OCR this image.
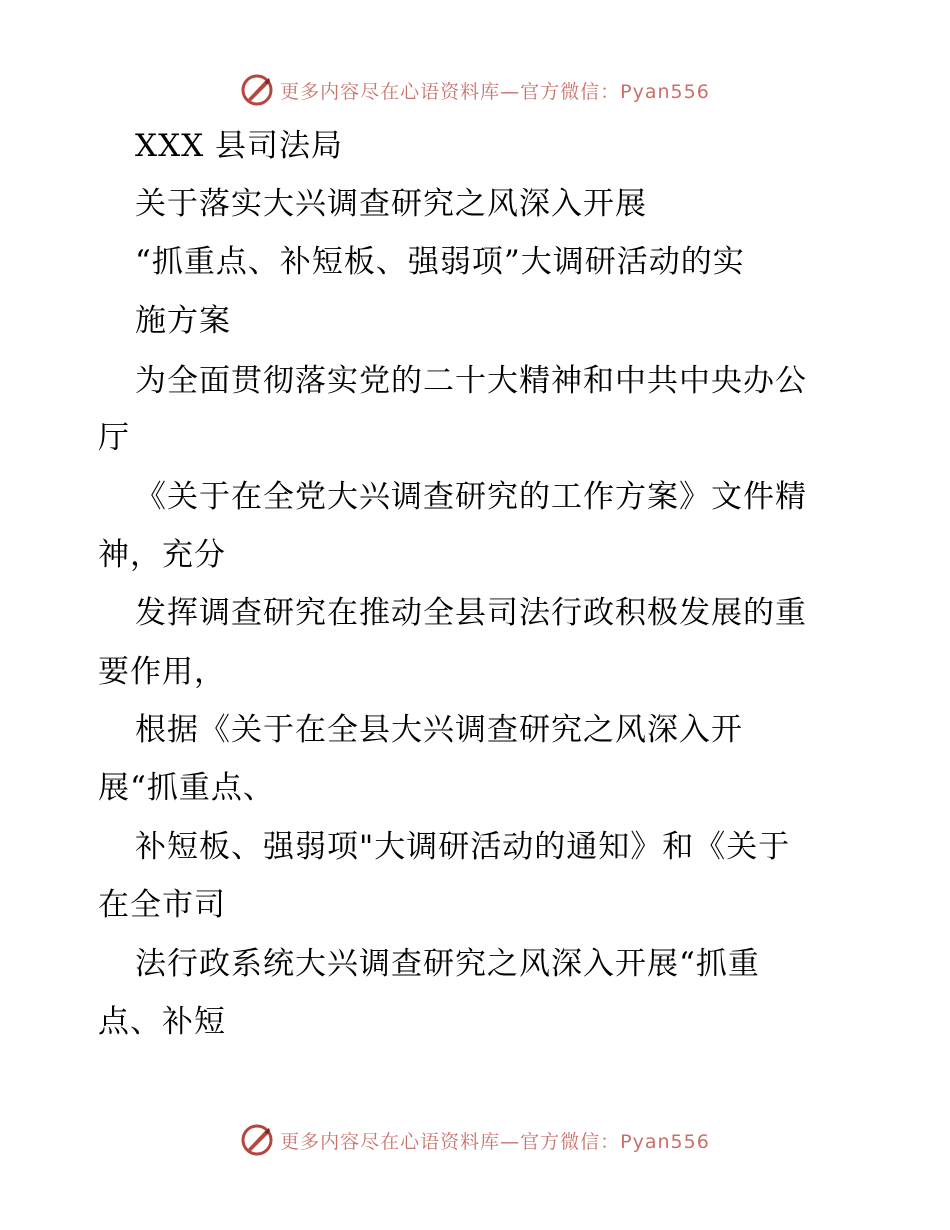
更多内容尽在心语资料库—官方微信：Pyan556
XXX 县司法局
关于落实大兴调查研究之风深入开展
“抓重点、补短板、强弱项”大调研活动的实
施方案
为全面贯彻落实党的二十大精神和中共中央办公
厅
《关于在全党大兴调查研究的工作方案》文件精
神，充分
发挥调查研究在推动全县司法行政积极发展的重
要作用，
根据《关于在全县大兴调查研究之风深入开
展“抓重点、
补短板、强弱项"大调研活动的通知》和《关于
在全市司
法行政系统大兴调查研究之风深入开展“抓重
点、补短
更多内容尽在心语资料库—官方微信：Pyan556
